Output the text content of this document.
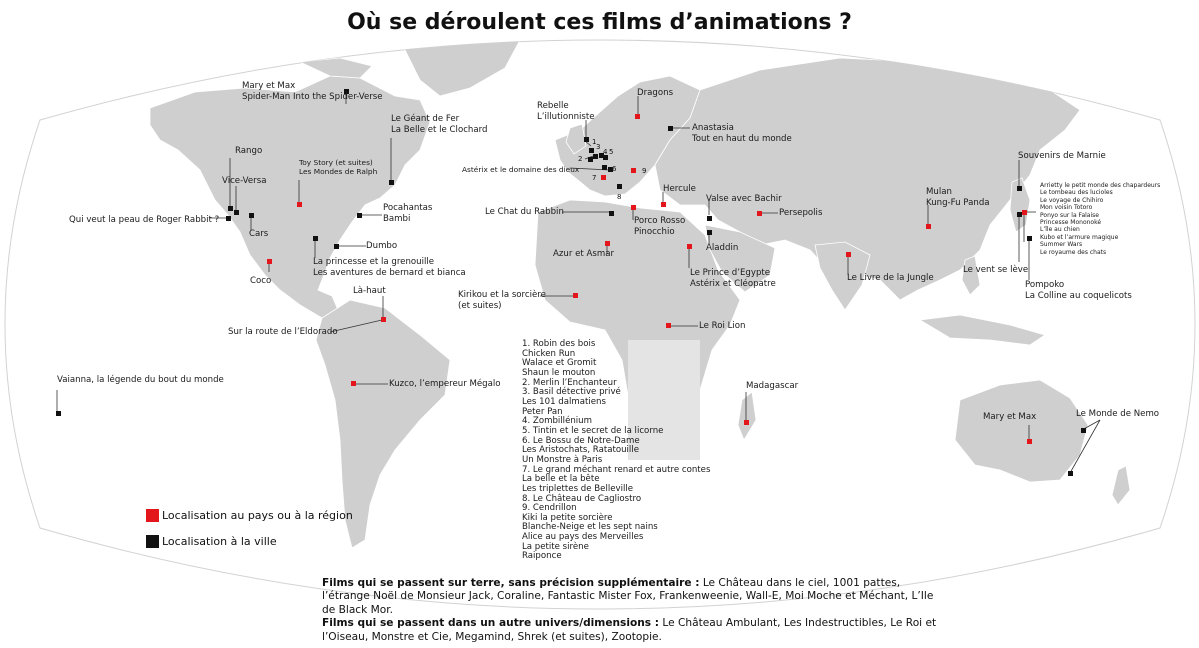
Où se déroulent ces films d’animations ?
1
2
3
4 5
6
7
8
9
Mary et Max
Spider-Man Into the Spider-Verse
Le Géant de Fer
La Belle et le Clochard
Rango
Toy Story (et suites)
Les Mondes de Ralph
Vice-Versa
Qui veut la peau de Roger Rabbit ?
Cars
Pocahantas
Bambi
Dumbo
La princesse et la grenouille
Les aventures de bernard et bianca
Coco
Là-haut
Sur la route de l’Eldorado
Vaianna, la légende du bout du monde	Kuzco, l’empereur Mégalo
Rebelle
L’illutionniste
Dragons
Anastasia
Tout en haut du monde
Astérix et le domaine des dieux
Hercule
Le Chat du Rabbin
Porco Rosso
Pinocchio
Valse avec Bachir
Persepolis
Aladdin
Azur et Asmar
Le Prince d’Egypte
Astérix et Cléopatre
Kirikou et la sorcière
(et suites)
Le Roi Lion
Madagascar
Le Livre de la Jungle
Mulan
Kung-Fu Panda
Souvenirs de Marnie
Arrietty le petit monde des chapardeurs
Le tombeau des lucioles
Le voyage de Chihiro
Mon voisin Totoro
Ponyo sur la Falaise
Princesse Mononoké
L’île au chien
Kubo et l’armure magique
Summer Wars
Le royaume des chats
Le vent se lève
Pompoko
La Colline au coquelicots
Mary et Max	Le Monde de Nemo
1. Robin des bois
Chicken Run
Walace et Gromit
Shaun le mouton
2. Merlin l’Enchanteur
3. Basil détective privé
Les 101 dalmatiens
Peter Pan
4. Zombillénium
5. Tintin et le secret de la licorne
6. Le Bossu de Notre-Dame
Les Aristochats, Ratatouille
Un Monstre à Paris
7. Le grand méchant renard et autre contes
La belle et la bête
Les triplettes de Belleville
8. Le Château de Cagliostro
9. Cendrillon
Kiki la petite sorcière
Blanche-Neige et les sept nains
Alice au pays des Merveilles
La petite sirène
Raiponce
Localisation au pays ou à la région
Localisation à la ville
Films qui se passent sur terre, sans précision supplémentaire : Le Château dans le ciel, 1001 pattes, l’étrange Noël de Monsieur Jack, Coraline, Fantastic Mister Fox, Frankenweenie, Wall-E, Moi Moche et Méchant, L’Ile de Black Mor.
Films qui se passent dans un autre univers/dimensions : Le Château Ambulant, Les Indestructibles, Le Roi et l’Oiseau, Monstre et Cie, Megamind, Shrek (et suites), Zootopie.
